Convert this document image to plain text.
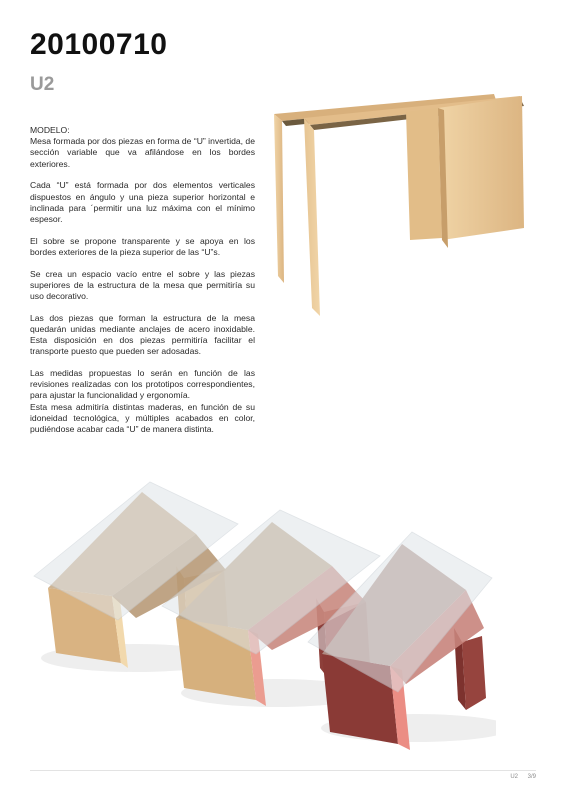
20100710
U2
MODELO:

Mesa formada por dos piezas en forma de “U” invertida, de sección variable que va afilándose en los bordes exteriores.

Cada “U” está formada por dos elementos verticales dispuestos en ángulo y una pieza superior horizontal e inclinada para ´permitir una luz máxima con el mínimo espesor.

El sobre se propone transparente y se apoya en los bordes exteriores de la pieza superior de las “U”s.

Se crea un espacio vacío entre el sobre y las piezas superiores de la estructura de la mesa que permitiría su uso decorativo.

Las dos piezas que forman la estructura de la mesa quedarán unidas mediante anclajes de acero inoxidable. Esta disposición en dos piezas permitiría facilitar el transporte puesto que pueden ser adosadas.

Las medidas propuestas lo serán en función de las revisiones realizadas con los prototipos correspondientes, para ajustar la funcionalidad y ergonomía.

Esta mesa admitiría distintas maderas, en función de su idoneidad tecnológica, y múltiples acabados en color, pudiéndose acabar cada “U” de manera distinta.

U2 3/9
